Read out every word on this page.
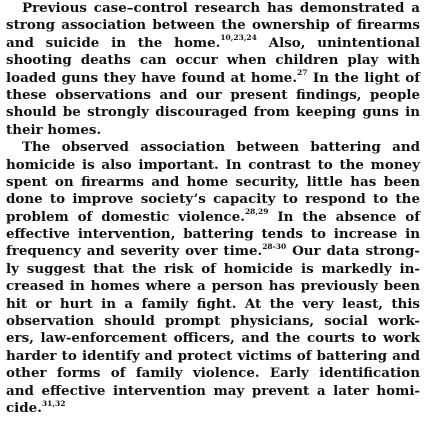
Previous case–control research has demonstrated a
strong association between the ownership of firearms
and suicide in the home.$^{10,23,24}$ Also, unintentional
shooting deaths can occur when children play with
loaded guns they have found at home.$^{27}$ In the light of
these observations and our present findings, people
should be strongly discouraged from keeping guns in
their homes.
The observed association between battering and
homicide is also important. In contrast to the money
spent on firearms and home security, little has been
done to improve society’s capacity to respond to the
problem of domestic violence.$^{28,29}$ In the absence of
effective intervention, battering tends to increase in
frequency and severity over time.$^{28-30}$ Our data strong-
ly suggest that the risk of homicide is markedly in-
creased in homes where a person has previously been
hit or hurt in a family fight. At the very least, this
observation should prompt physicians, social work-
ers, law-enforcement officers, and the courts to work
harder to identify and protect victims of battering and
other forms of family violence. Early identification
and effective intervention may prevent a later homi-
cide.$^{31,32}$
